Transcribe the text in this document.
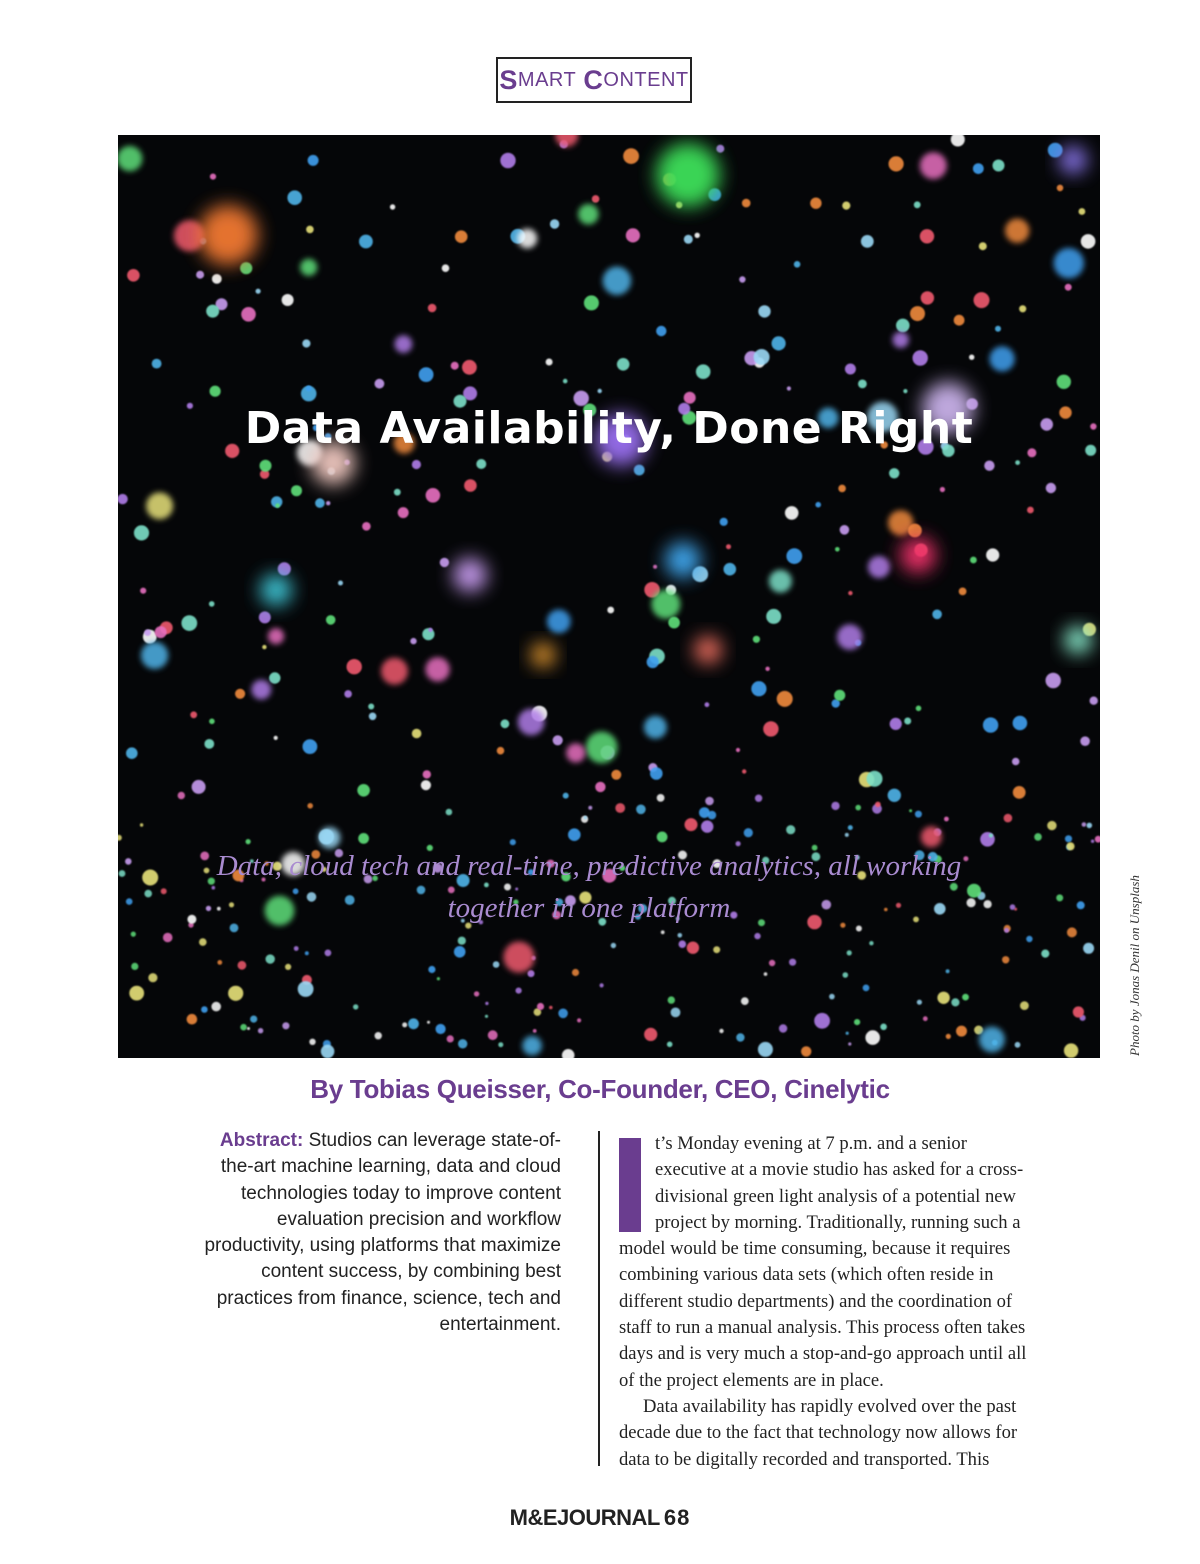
S MART
C ONTENT
Data Availability, Done Right
Data, cloud tech and real-time, predictive analytics, all working together in one platform	Photo by Jonas Denil on Unsplash
By Tobias Queisser, Co-Founder, CEO, Cinelytic
Abstract: Studios can leverage state-of-the-art machine learning, data and cloud technologies today to improve content evaluation precision and workflow productivity, using platforms that maximize content success, by combining best practices from finance, science, tech and entertainment.

t’s Monday evening at 7 p.m. and a senior executive at a movie studio has asked for a cross-divisional green light analysis of a potential new project by morning. Traditionally, running such a model would be time consuming, because it requires combining various data sets (which often reside in different studio departments) and the coordination of staff to run a manual analysis. This process often takes days and is very much a stop-and-go approach until all of the project elements are in place.

Data availability has rapidly evolved over the past decade due to the fact that technology now allows for data to be digitally recorded and transported. This

M&EJOURNAL 68
